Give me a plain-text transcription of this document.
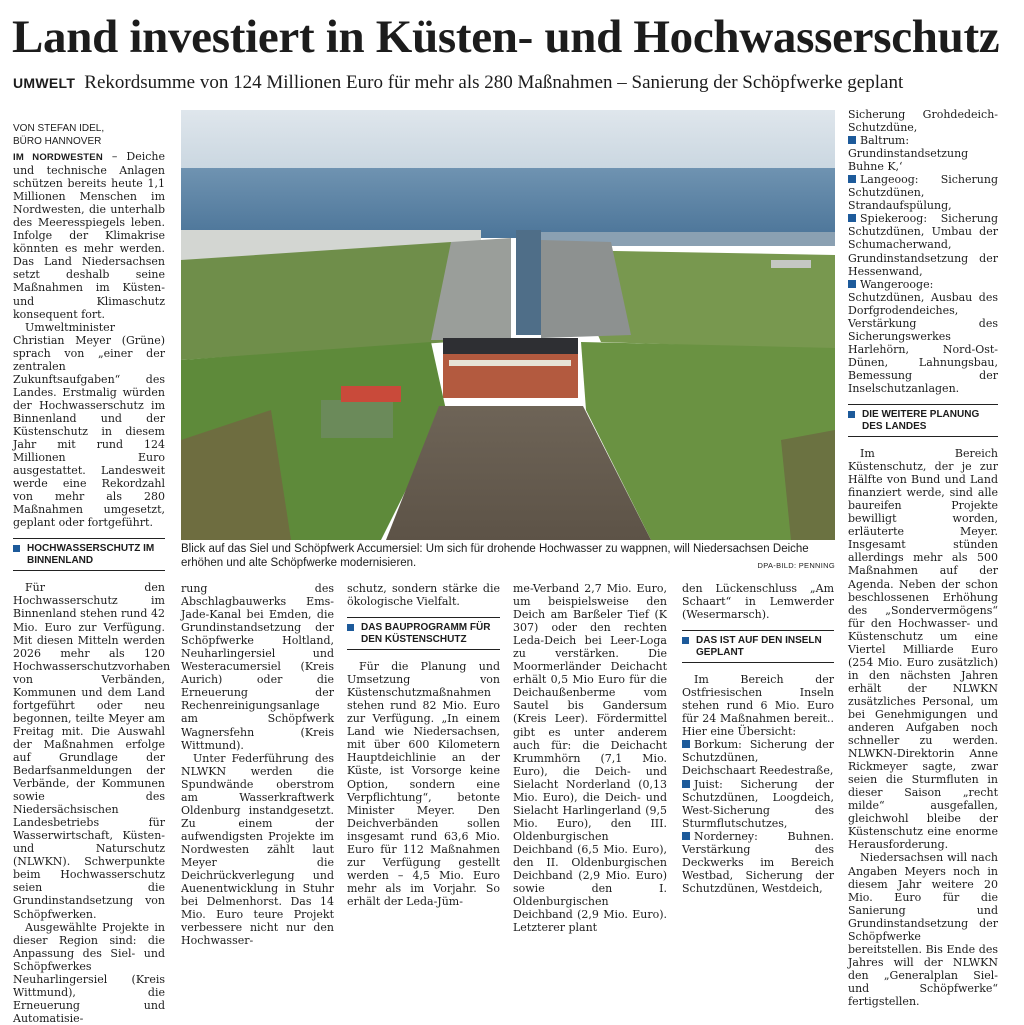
Land investiert in Küsten- und Hochwasserschutz
UMWELT Rekordsumme von 124 Millionen Euro für mehr als 280 Maßnahmen – Sanierung der Schöpfwerke geplant
VON STEFAN IDEL,
BÜRO HANNOVER

IM NORDWESTEN – Deiche und technische Anlagen schützen bereits heute 1,1 Millionen Menschen im Nordwesten, die unterhalb des Meeresspiegels leben. Infolge der Klimakrise könnten es mehr werden. Das Land Niedersachsen setzt deshalb seine Maßnahmen im Küsten- und Klimaschutz konsequent fort.

Umweltminister Christian Meyer (Grüne) sprach von „einer der zentralen Zukunftsaufgaben“ des Landes. Erstmalig würden der Hochwasserschutz im Binnenland und der Küstenschutz in diesem Jahr mit rund 124 Millionen Euro ausgestattet. Landesweit werde eine Rekordzahl von mehr als 280 Maßnahmen umgesetzt, geplant oder fortgeführt.

HOCHWASSERSCHUTZ IM BINNENLAND

Für den Hochwasserschutz im Binnenland stehen rund 42 Mio. Euro zur Verfügung. Mit diesen Mitteln werden 2026 mehr als 120 Hochwasserschutzvorhaben von Verbänden, Kommunen und dem Land fortgeführt oder neu begonnen, teilte Meyer am Freitag mit. Die Auswahl der Maßnahmen erfolge auf Grundlage der Bedarfsanmeldungen der Verbände, der Kommunen sowie des Niedersächsischen Landesbetriebs für Wasserwirtschaft, Küsten- und Naturschutz (NLWKN). Schwerpunkte beim Hochwasserschutz seien die Grundinstandsetzung von Schöpfwerken.

Ausgewählte Projekte in dieser Region sind: die Anpassung des Siel- und Schöpfwerkes Neuharlingersiel (Kreis Wittmund), die Erneuerung und Automatisie-

Blick auf das Siel und Schöpfwerk Accumersiel: Um sich für drohende Hochwasser zu wappnen, will Niedersachsen Deiche erhöhen und alte Schöpfwerke modernisieren.	DPA-BILD: PENNING

rung des Abschlagbauwerks Ems-Jade-Kanal bei Emden, die Grundinstandsetzung der Schöpfwerke Holtland, Neuharlingersiel und Westeracumersiel (Kreis Aurich) oder die Erneuerung der Rechenreinigungsanlage am Schöpfwerk Wagnersfehn (Kreis Wittmund).

Unter Federführung des NLWKN werden die Spundwände oberstrom am Wasserkraftwerk Oldenburg instandgesetzt. Zu einem der aufwendigsten Projekte im Nordwesten zählt laut Meyer die Deichrückverlegung und Auenentwicklung in Stuhr bei Delmenhorst. Das 14 Mio. Euro teure Projekt verbessere nicht nur den Hochwasser-

schutz, sondern stärke die ökologische Vielfalt.

DAS BAUPROGRAMM FÜR DEN KÜSTENSCHUTZ

Für die Planung und Umsetzung von Küstenschutzmaßnahmen stehen rund 82 Mio. Euro zur Verfügung. „In einem Land wie Niedersachsen, mit über 600 Kilometern Hauptdeichlinie an der Küste, ist Vorsorge keine Option, sondern eine Verpflichtung“, betonte Minister Meyer. Den Deichverbänden sollen insgesamt rund 63,6 Mio. Euro für 112 Maßnahmen zur Verfügung gestellt werden – 4,5 Mio. Euro mehr als im Vorjahr. So erhält der Leda-Jüm-

me-Verband 2,7 Mio. Euro, um beispielsweise den Deich am Barßeler Tief (K 307) oder den rechten Leda-Deich bei Leer-Loga zu verstärken. Die Moormerländer Deichacht erhält 0,5 Mio Euro für die Deichaußenberme vom Sautel bis Gandersum (Kreis Leer). Fördermittel gibt es unter anderem auch für: die Deichacht Krummhörn (7,1 Mio. Euro), die Deich- und Sielacht Norderland (0,13 Mio. Euro), die Deich- und Sielacht Harlingerland (9,5 Mio. Euro), den III. Oldenburgischen Deichband (6,5 Mio. Euro), den II. Oldenburgischen Deichband (2,9 Mio. Euro) sowie den I. Oldenburgischen Deichband (2,9 Mio. Euro). Letzterer plant

den Lückenschluss „Am Schaart“ in Lemwerder (Wesermarsch).

DAS IST AUF DEN INSELN GEPLANT

Im Bereich der Ostfriesischen Inseln stehen rund 6 Mio. Euro für 24 Maßnahmen bereit.. Hier eine Übersicht:

Borkum: Sicherung der Schutzdünen, Deichschaart Reedestraße,

Juist: Sicherung der Schutzdünen, Loogdeich, West-Sicherung des Sturmflutschutzes,

Norderney: Buhnen. Verstärkung des Deckwerks im Bereich Westbad, Sicherung der Schutzdünen, Westdeich,

Sicherung Grohdedeich-Schutzdüne,

Baltrum: Grundinstandsetzung Buhne K,‘

Langeoog: Sicherung Schutzdünen, Strandaufspülung,

Spiekeroog: Sicherung Schutzdünen, Umbau der Schumacherwand, Grundinstandsetzung der Hessenwand,

Wangerooge: Schutzdünen, Ausbau des Dorfgrodendeiches, Verstärkung des Sicherungswerkes Harlehörn, Nord-Ost-Dünen, Lahnungsbau, Bemessung der Inselschutzanlagen.

DIE WEITERE PLANUNG DES LANDES

Im Bereich Küstenschutz, der je zur Hälfte von Bund und Land finanziert werde, sind alle baureifen Projekte bewilligt worden, erläuterte Meyer. Insgesamt stünden allerdings mehr als 500 Maßnahmen auf der Agenda. Neben der schon beschlossenen Erhöhung des „Sondervermögens“ für den Hochwasser- und Küstenschutz um eine Viertel Milliarde Euro (254 Mio. Euro zusätzlich) in den nächsten Jahren erhält der NLWKN zusätzliches Personal, um bei Genehmigungen und anderen Aufgaben noch schneller zu werden. NLWKN-Direktorin Anne Rickmeyer sagte, zwar seien die Sturmfluten in dieser Saison „recht milde“ ausgefallen, gleichwohl bleibe der Küstenschutz eine enorme Herausforderung.

Niedersachsen will nach Angaben Meyers noch in diesem Jahr weitere 20 Mio. Euro für die Sanierung und Grundinstandsetzung der Schöpfwerke bereitstellen. Bis Ende des Jahres will der NLWKN den „Generalplan Siel- und Schöpfwerke“ fertigstellen.
